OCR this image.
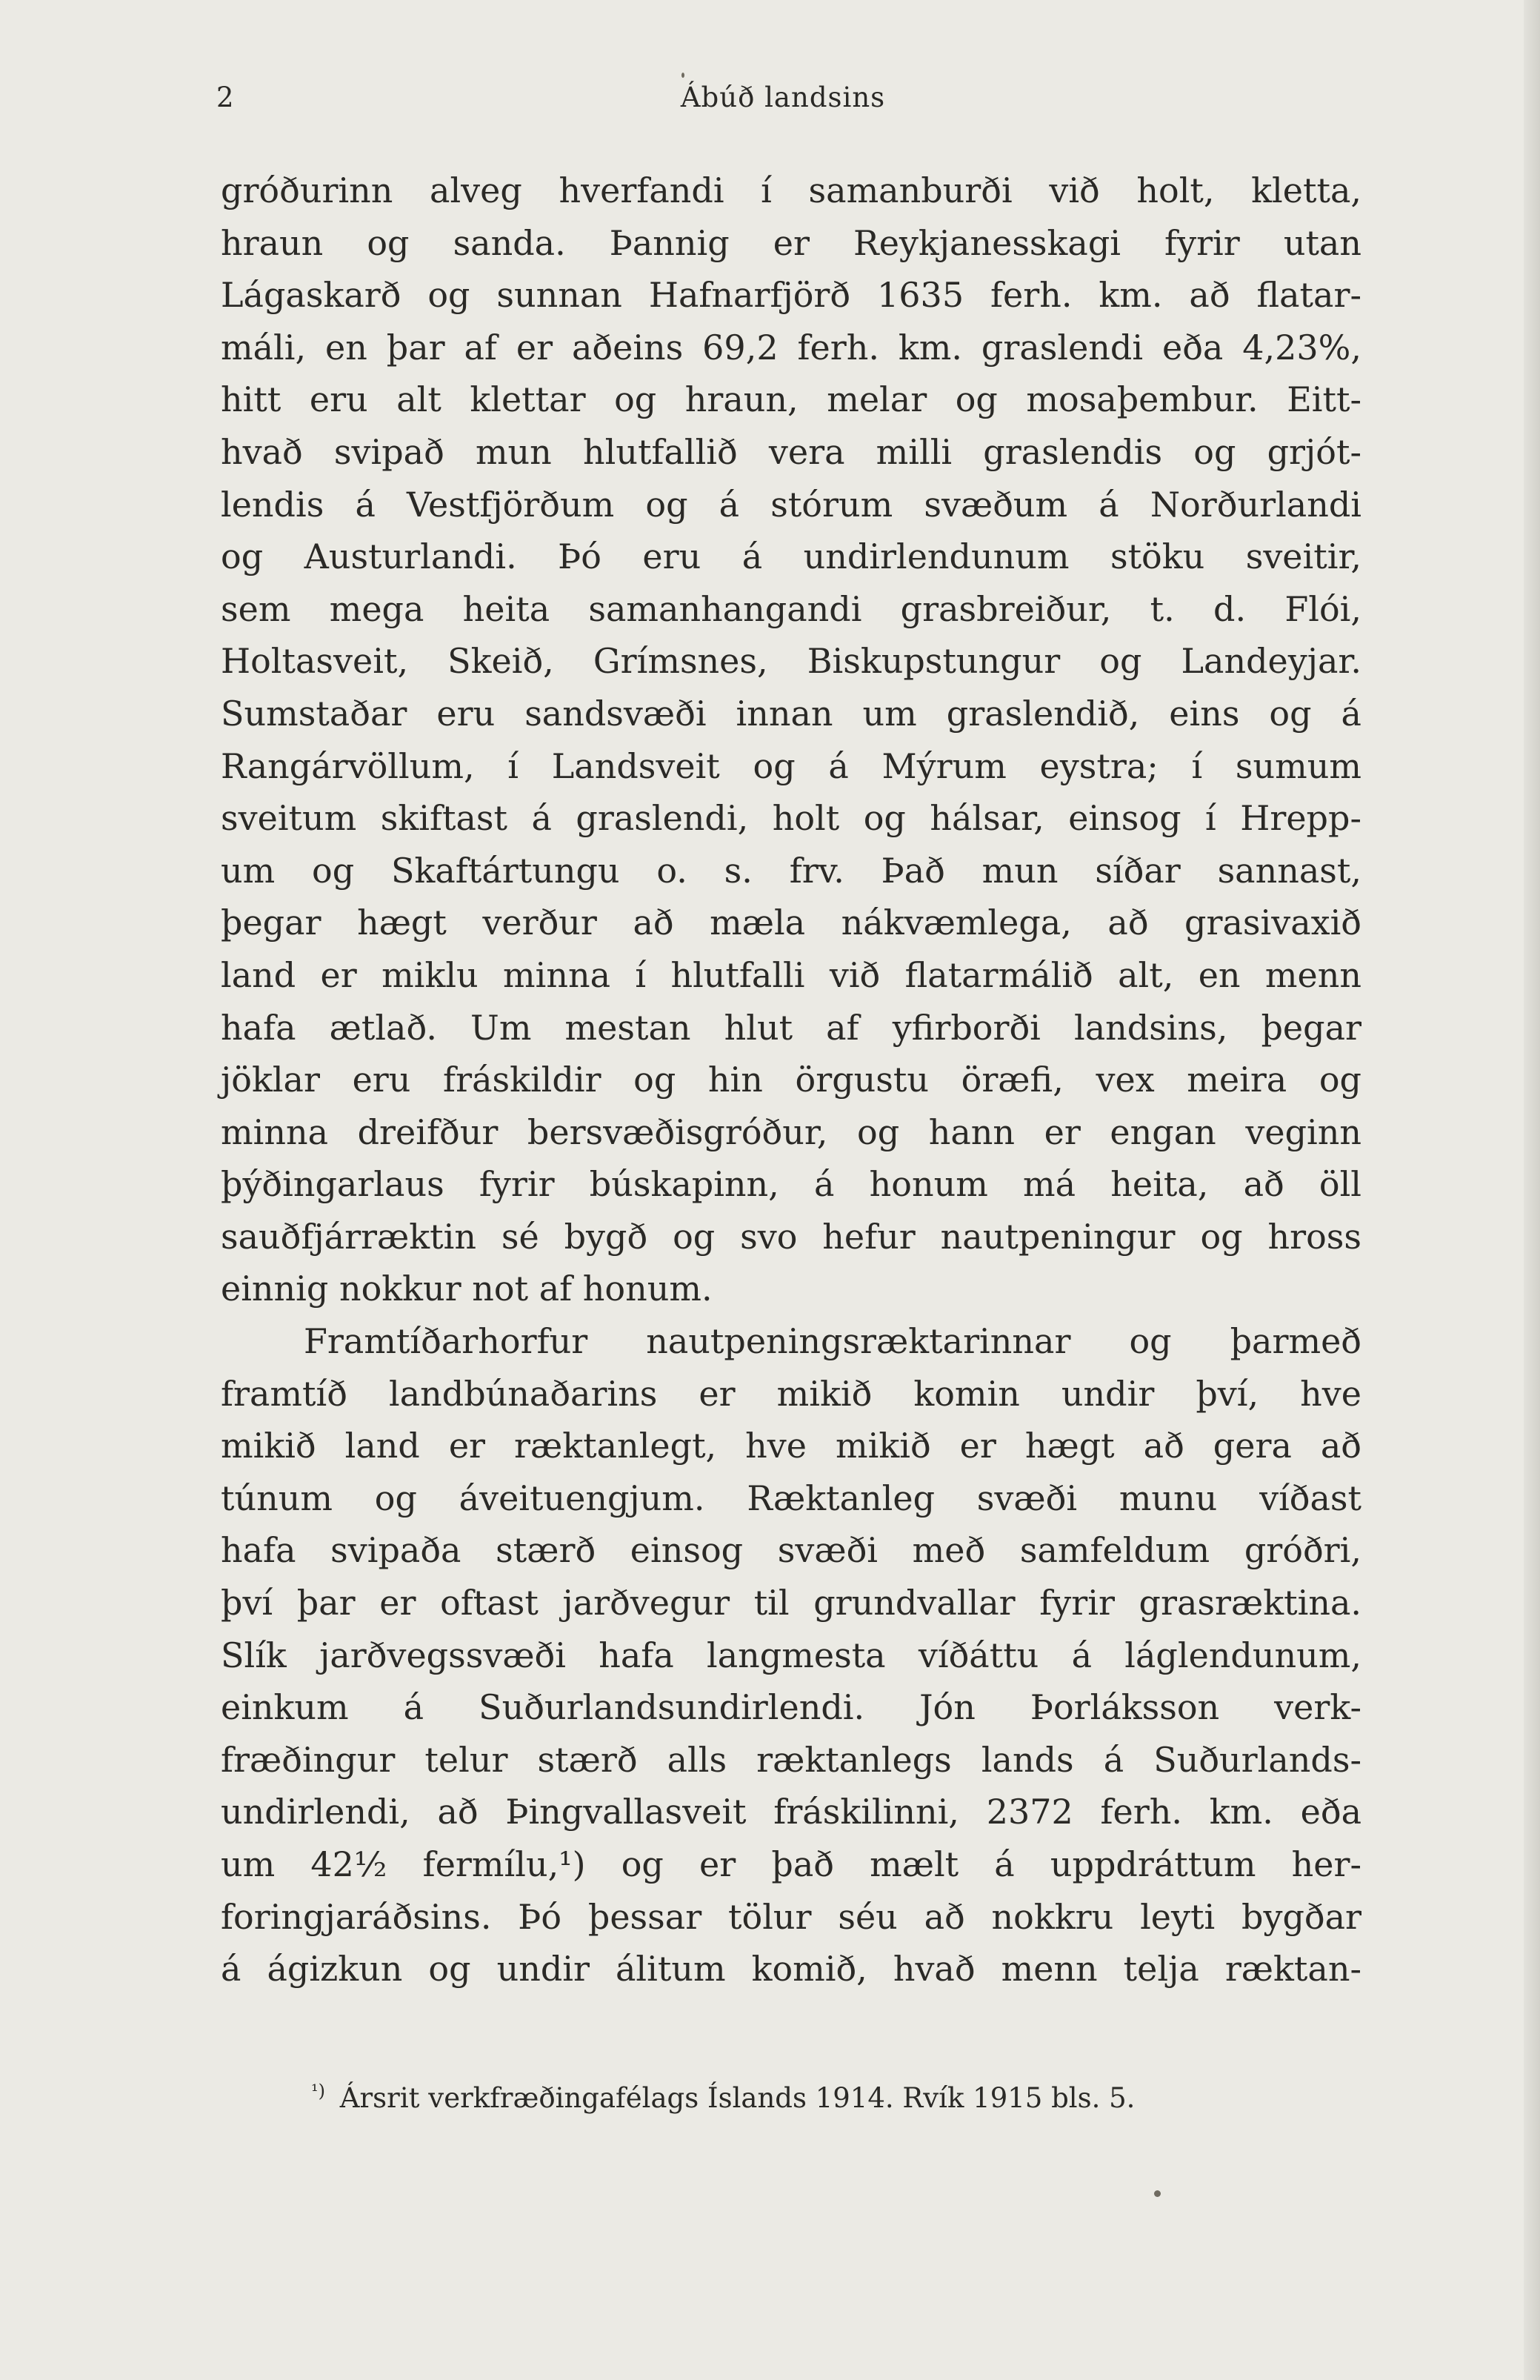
2	Ábúð landsins
gróðurinn alveg hverfandi í samanburði við holt, kletta,
hraun og sanda. Þannig er Reykjanesskagi fyrir utan
Lágaskarð og sunnan Hafnarfjörð 1635 ferh. km. að flatar-
máli, en þar af er aðeins 69,2 ferh. km. graslendi eða 4,23%,
hitt eru alt klettar og hraun, melar og mosaþembur. Eitt-
hvað svipað mun hlutfallið vera milli graslendis og grjót-
lendis á Vestfjörðum og á stórum svæðum á Norðurlandi
og Austurlandi. Þó eru á undirlendunum stöku sveitir,
sem mega heita samanhangandi grasbreiður, t. d. Flói,
Holtasveit, Skeið, Grímsnes, Biskupstungur og Landeyjar.
Sumstaðar eru sandsvæði innan um graslendið, eins og á
Rangárvöllum, í Landsveit og á Mýrum eystra; í sumum
sveitum skiftast á graslendi, holt og hálsar, einsog í Hrepp-
um og Skaftártungu o. s. frv. Það mun síðar sannast,
þegar hægt verður að mæla nákvæmlega, að grasivaxið
land er miklu minna í hlutfalli við flatarmálið alt, en menn
hafa ætlað. Um mestan hlut af yfirborði landsins, þegar
jöklar eru fráskildir og hin örgustu öræfi, vex meira og
minna dreifður bersvæðisgróður, og hann er engan veginn
þýðingarlaus fyrir búskapinn, á honum má heita, að öll
sauðfjárræktin sé bygð og svo hefur nautpeningur og hross
einnig nokkur not af honum.
Framtíðarhorfur nautpeningsræktarinnar og þarmeð
framtíð landbúnaðarins er mikið komin undir því, hve
mikið land er ræktanlegt, hve mikið er hægt að gera að
túnum og áveituengjum. Ræktanleg svæði munu víðast
hafa svipaða stærð einsog svæði með samfeldum gróðri,
því þar er oftast jarðvegur til grundvallar fyrir grasræktina.
Slík jarðvegssvæði hafa langmesta víðáttu á láglendunum,
einkum á Suðurlandsundirlendi. Jón Þorláksson verk-
fræðingur telur stærð alls ræktanlegs lands á Suðurlands-
undirlendi, að Þingvallasveit fráskilinni, 2372 ferh. km. eða
um 42½ fermílu,¹) og er það mælt á uppdráttum her-
foringjaráðsins. Þó þessar tölur séu að nokkru leyti bygðar
á ágizkun og undir álitum komið, hvað menn telja ræktan-
$^{^1)}$ Ársrit verkfræðingafélags Íslands 1914. Rvík 1915 bls. 5.
